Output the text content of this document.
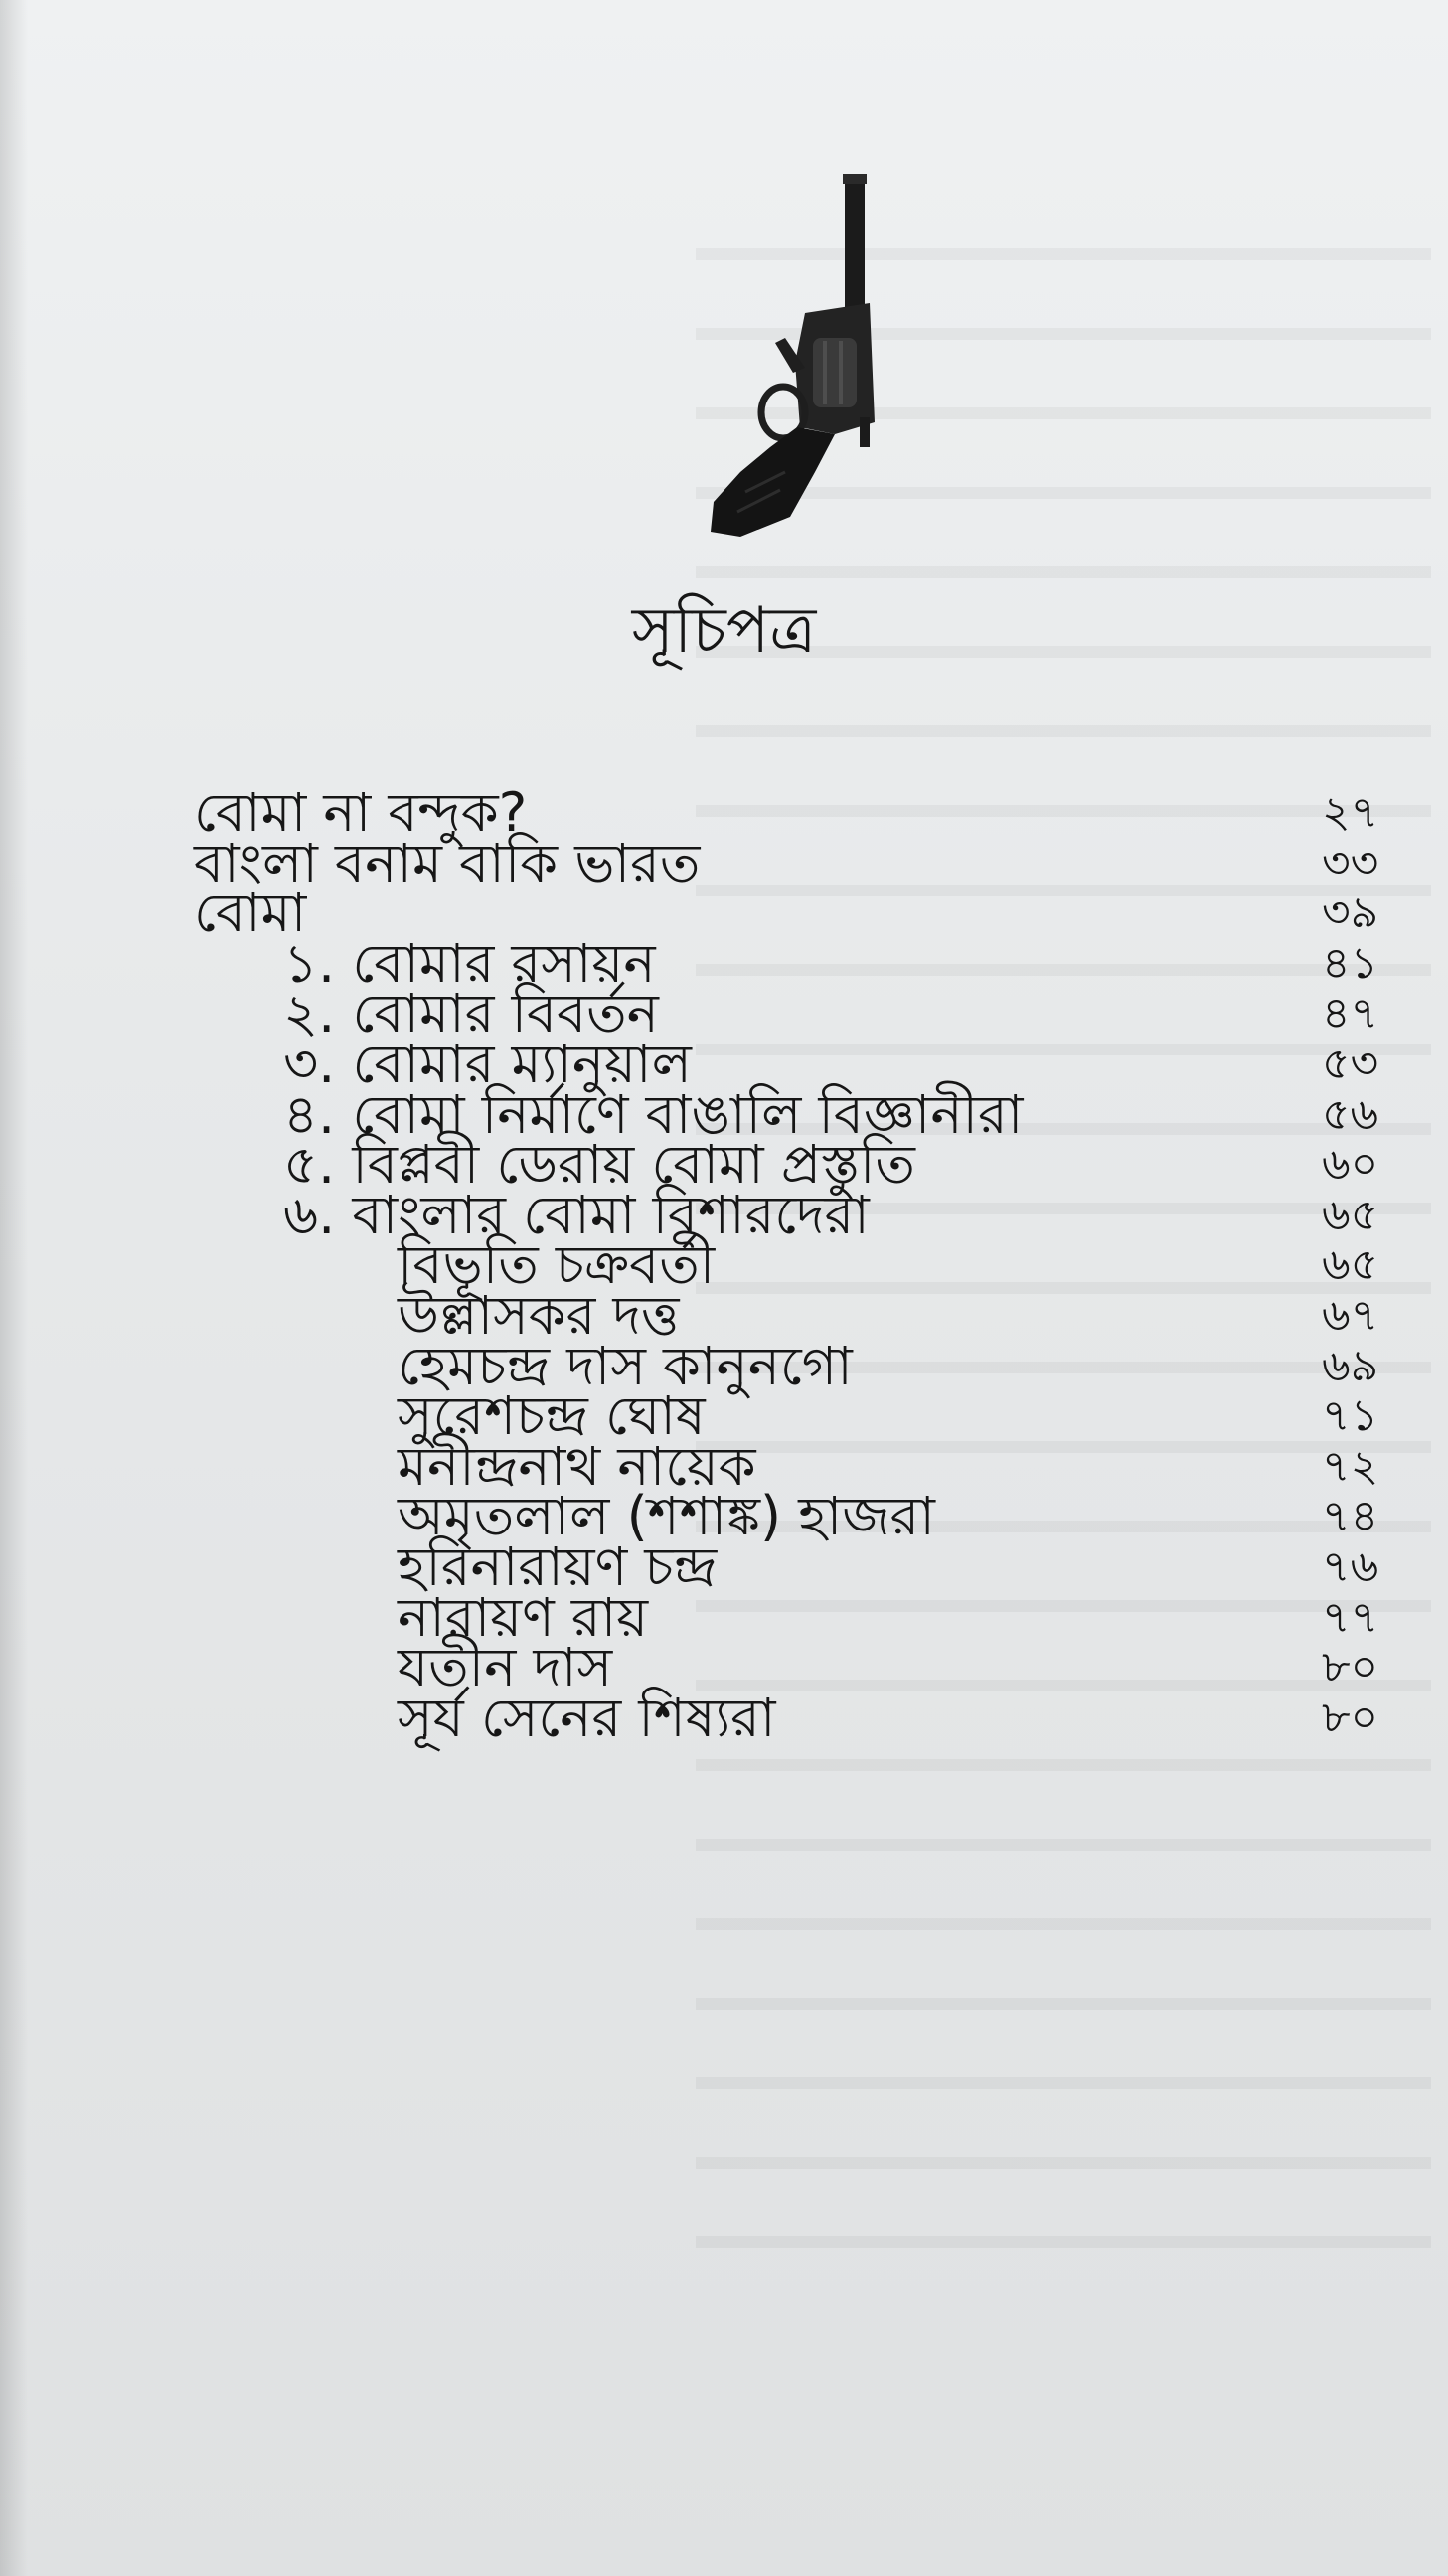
সূচিপত্র
বোমা না বন্দুক?	২৭
বাংলা বনাম বাকি ভারত	৩৩
বোমা	৩৯
১. বোমার রসায়ন	৪১
২. বোমার বিবর্তন	৪৭
৩. বোমার ম্যানুয়াল	৫৩
৪. বোমা নির্মাণে বাঙালি বিজ্ঞানীরা	৫৬
৫. বিপ্লবী ডেরায় বোমা প্রস্তুতি	৬০
৬. বাংলার বোমা বিশারদেরা	৬৫
বিভূতি চক্রবর্তী	৬৫
উল্লাসকর দত্ত	৬৭
হেমচন্দ্র দাস কানুনগো	৬৯
সুরেশচন্দ্র ঘোষ	৭১
মনীন্দ্রনাথ নায়েক	৭২
অমৃতলাল (শশাঙ্ক) হাজরা	৭৪
হরিনারায়ণ চন্দ্র	৭৬
নারায়ণ রায়	৭৭
যতীন দাস	৮০
সূর্য সেনের শিষ্যরা	৮০
